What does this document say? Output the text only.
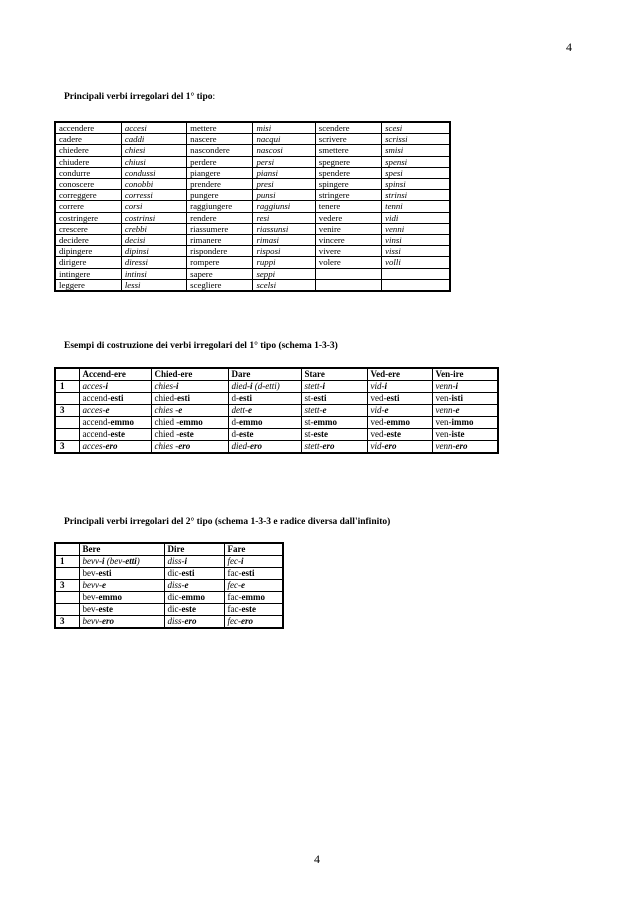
4
Principali verbi irregolari del 1° tipo:
accendere	accesi	mettere	misi	scendere	scesi
cadere	caddi	nascere	nacqui	scrivere	scrissi
chiedere	chiesi	nascondere	nascosi	smettere	smisi
chiudere	chiusi	perdere	persi	spegnere	spensi
condurre	condussi	piangere	piansi	spendere	spesi
conoscere	conobbi	prendere	presi	spingere	spinsi
correggere	corressi	pungere	punsi	stringere	strinsi
correre	corsi	raggiungere	raggiunsi	tenere	tenni
costringere	costrinsi	rendere	resi	vedere	vidi
crescere	crebbi	riassumere	riassunsi	venire	venni
decidere	decisi	rimanere	rimasi	vincere	vinsi
dipingere	dipinsi	rispondere	risposi	vivere	vissi
dirigere	diressi	rompere	ruppi	volere	volli
intingere	intinsi	sapere	seppi		
leggere	lessi	scegliere	scelsi		
Esempi di costruzione dei verbi irregolari del 1° tipo (schema 1-3-3)
	Accend-ere	Chied-ere	Dare	Stare	Ved-ere	Ven-ire
1	acces-i	chies-i	died-i (d-etti)	stett-i	vid-i	venn-i
	accend-esti	chied-esti	d-esti	st-esti	ved-esti	ven-isti
3	acces-e	chies -e	dett-e	stett-e	vid-e	venn-e
	accend-emmo	chied -emmo	d-emmo	st-emmo	ved-emmo	ven-immo
	accend-este	chied -este	d-este	st-este	ved-este	ven-iste
3	acces-ero	chies -ero	died-ero	stett-ero	vid-ero	venn-ero
Principali verbi irregolari del 2° tipo (schema 1-3-3 e radice diversa dall'infinito)
	Bere	Dire	Fare
1	bevv-i (bev-etti)	diss-i	fec-i
	bev-esti	dic-esti	fac-esti
3	bevv-e	diss-e	fec-e
	bev-emmo	dic-emmo	fac-emmo
	bev-este	dic-este	fac-este
3	bevv-ero	diss-ero	fec-ero
4
